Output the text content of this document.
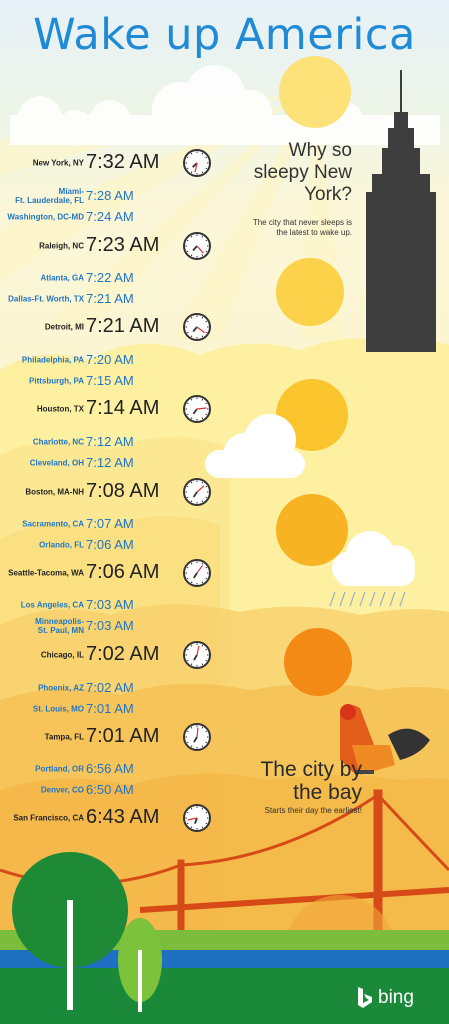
Wake up America
New York, NY 7:32 AM
Miami-
Ft. Lauderdale, FL 7:28 AM
Washington, DC-MD 7:24 AM
Raleigh, NC 7:23 AM
Atlanta, GA 7:22 AM
Dallas-Ft. Worth, TX 7:21 AM
Detroit, MI 7:21 AM
Philadelphia, PA 7:20 AM
Pittsburgh, PA 7:15 AM
Houston, TX 7:14 AM
Charlotte, NC 7:12 AM
Cleveland, OH 7:12 AM
Boston, MA-NH 7:08 AM
Sacramento, CA 7:07 AM
Orlando, FL 7:06 AM
Seattle-Tacoma, WA 7:06 AM
Los Angeles, CA 7:03 AM
Minneapolis-
St. Paul, MN 7:03 AM
Chicago, IL 7:02 AM
Phoenix, AZ 7:02 AM
St. Louis, MO 7:01 AM
Tampa, FL 7:01 AM
Portland, OR 6:56 AM
Denver, CO 6:50 AM
San Francisco, CA 6:43 AM
Why so sleepy New York?
The city that never sleeps is the latest to wake up.
The city by the bay
Starts their day the earliest!
bing
